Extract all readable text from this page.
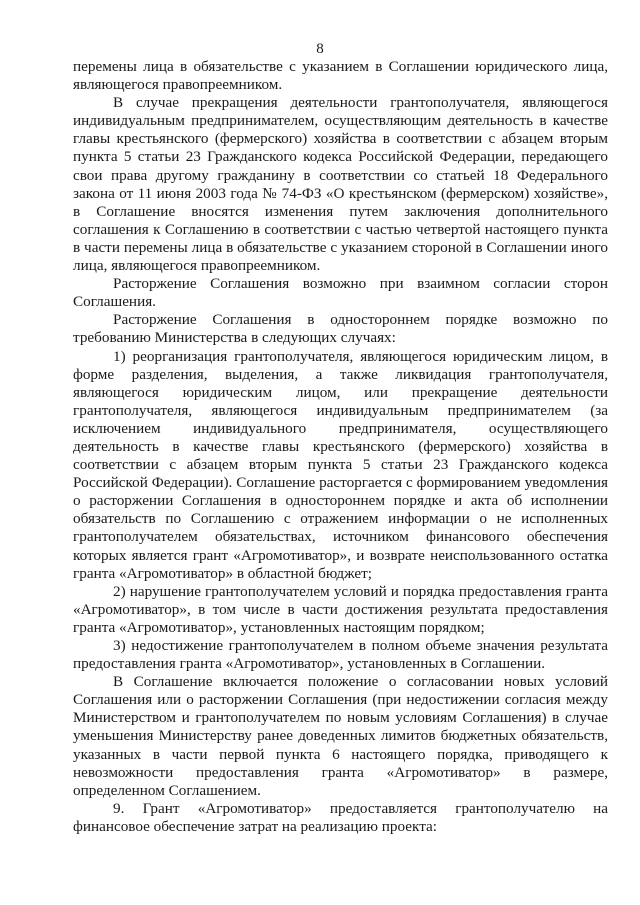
8

перемены лица в обязательстве с указанием в Соглашении юридического лица, являющегося правопреемником.

В случае прекращения деятельности грантополучателя, являющегося индивидуальным предпринимателем, осуществляющим деятельность в качестве главы крестьянского (фермерского) хозяйства в соответствии с абзацем вторым пункта 5 статьи 23 Гражданского кодекса Российской Федерации, передающего свои права другому гражданину в соответствии со статьей 18 Федерального закона от 11 июня 2003 года № 74-ФЗ «О крестьянском (фермерском) хозяйстве», в Соглашение вносятся изменения путем заключения дополнительного соглашения к Соглашению в соответствии с частью четвертой настоящего пункта в части перемены лица в обязательстве с указанием стороной в Соглашении иного лица, являющегося правопреемником.

Расторжение Соглашения возможно при взаимном согласии сторон Соглашения.

Расторжение Соглашения в одностороннем порядке возможно по требованию Министерства в следующих случаях:

1) реорганизация грантополучателя, являющегося юридическим лицом, в форме разделения, выделения, а также ликвидация грантополучателя, являющегося юридическим лицом, или прекращение деятельности грантополучателя, являющегося индивидуальным предпринимателем (за исключением индивидуального предпринимателя, осуществляющего деятельность в качестве главы крестьянского (фермерского) хозяйства в соответствии с абзацем вторым пункта 5 статьи 23 Гражданского кодекса Российской Федерации). Соглашение расторгается с формированием уведомления о расторжении Соглашения в одностороннем порядке и акта об исполнении обязательств по Соглашению с отражением информации о не исполненных грантополучателем обязательствах, источником финансового обеспечения которых является грант «Агромотиватор», и возврате неиспользованного остатка гранта «Агромотиватор» в областной бюджет;

2) нарушение грантополучателем условий и порядка предоставления гранта «Агромотиватор», в том числе в части достижения результата предоставления гранта «Агромотиватор», установленных настоящим порядком;

3) недостижение грантополучателем в полном объеме значения результата предоставления гранта «Агромотиватор», установленных в Соглашении.

В Соглашение включается положение о согласовании новых условий Соглашения или о расторжении Соглашения (при недостижении согласия между Министерством и грантополучателем по новым условиям Соглашения) в случае уменьшения Министерству ранее доведенных лимитов бюджетных обязательств, указанных в части первой пункта 6 настоящего порядка, приводящего к невозможности предоставления гранта «Агромотиватор» в размере, определенном Соглашением.

9. Грант «Агромотиватор» предоставляется грантополучателю на финансовое обеспечение затрат на реализацию проекта:
